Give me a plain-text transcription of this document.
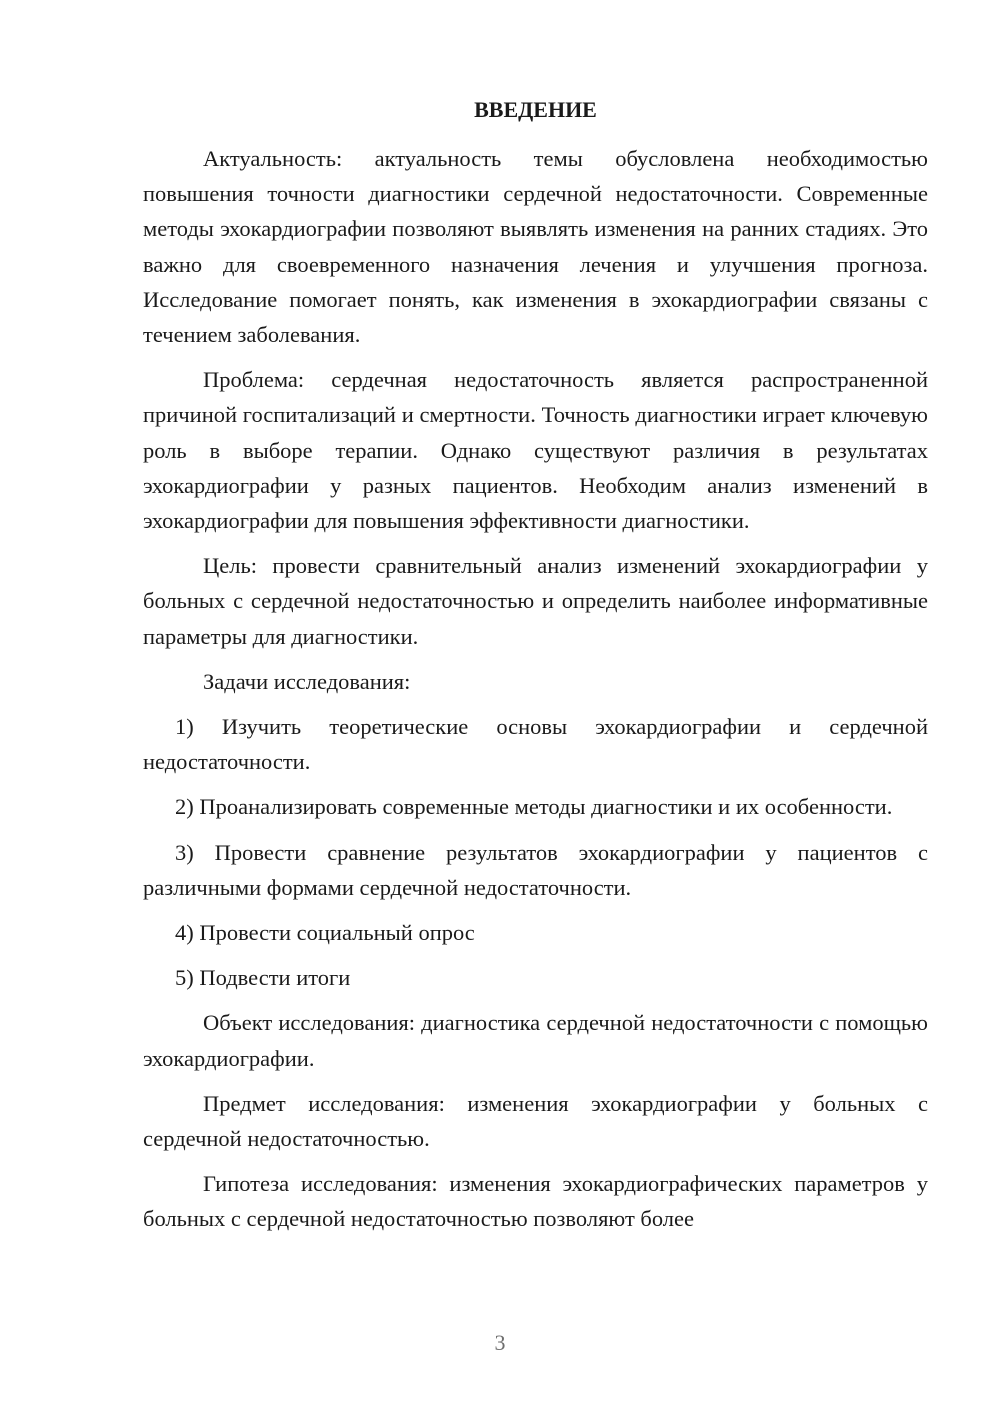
ВВЕДЕНИЕ

Актуальность: актуальность темы обусловлена необходимостью повышения точности диагностики сердечной недостаточности. Современные методы эхокардиографии позволяют выявлять изменения на ранних стадиях. Это важно для своевременного назначения лечения и улучшения прогноза. Исследование помогает понять, как изменения в эхокардиографии связаны с течением заболевания.

Проблема: сердечная недостаточность является распространенной причиной госпитализаций и смертности. Точность диагностики играет ключевую роль в выборе терапии. Однако существуют различия в результатах эхокардиографии у разных пациентов. Необходим анализ изменений в эхокардиографии для повышения эффективности диагностики.

Цель: провести сравнительный анализ изменений эхокардиографии у больных с сердечной недостаточностью и определить наиболее информативные параметры для диагностики.

Задачи исследования:

1) Изучить теоретические основы эхокардиографии и сердечной недостаточности.

2) Проанализировать современные методы диагностики и их особенности.

3) Провести сравнение результатов эхокардиографии у пациентов с различными формами сердечной недостаточности.

4) Провести социальный опрос

5) Подвести итоги

Объект исследования: диагностика сердечной недостаточности с помощью эхокардиографии.

Предмет исследования: изменения эхокардиографии у больных с сердечной недостаточностью.

Гипотеза исследования: изменения эхокардиографических параметров у больных с сердечной недостаточностью позволяют более

3
